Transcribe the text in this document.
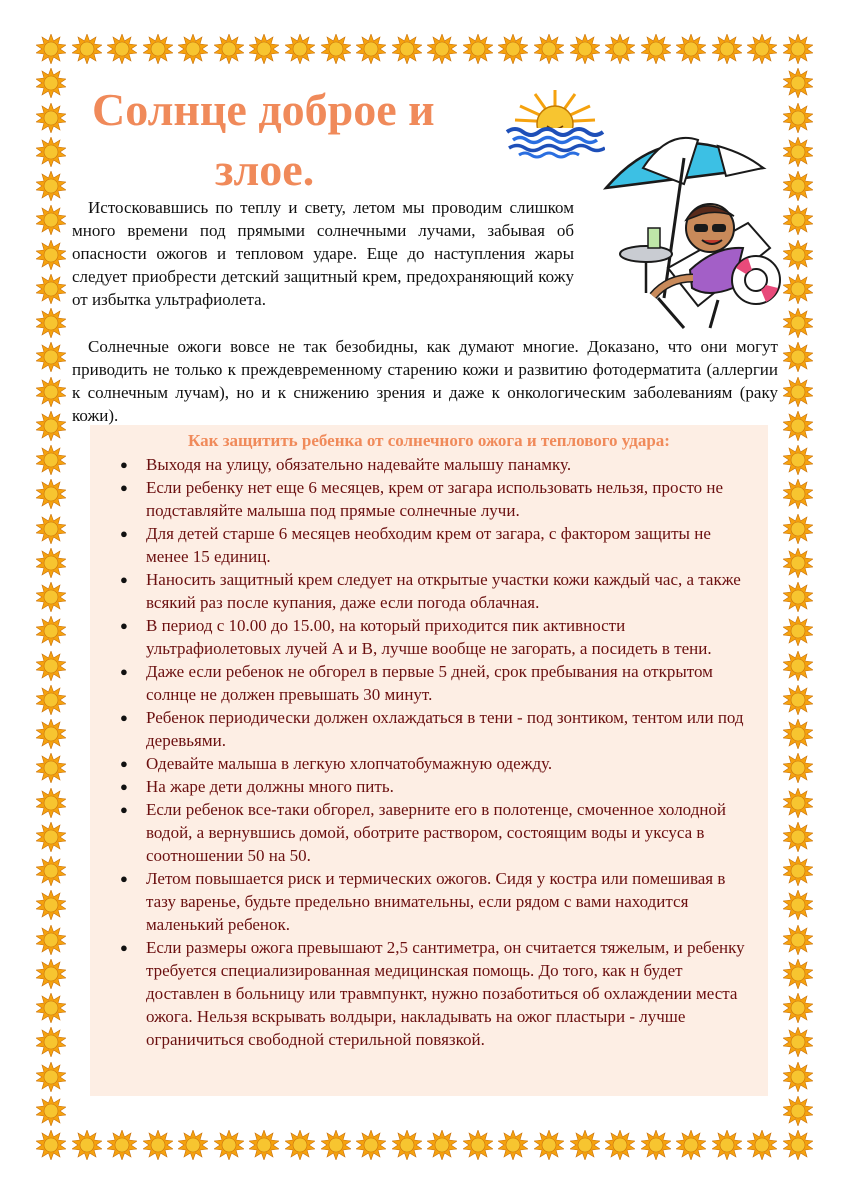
Солнце доброе и
злое.

Истосковавшись по теплу и свету, летом мы проводим слишком много времени под прямыми солнечными лучами, забывая об опасности ожогов и тепловом ударе. Еще до наступления жары следует приобрести детский защитный крем, предохраняющий кожу от избытка ультрафиолета.

Солнечные ожоги вовсе не так безобидны, как думают многие. Доказано, что они могут приводить не только к преждевременному старению кожи и развитию фотодерматита (аллергии к солнечным лучам), но и к снижению зрения и даже к онкологическим заболеваниям (раку кожи).

Как защитить ребенка от солнечного ожога и теплового удара:
● Выходя на улицу, обязательно надевайте малышу панамку.
● Если ребенку нет еще 6 месяцев, крем от загара использовать нельзя, просто не подставляйте малыша под прямые солнечные лучи.
● Для детей старше 6 месяцев необходим крем от загара, с фактором защиты не менее 15 единиц.
● Наносить защитный крем следует на открытые участки кожи каждый час, а также всякий раз после купания, даже если погода облачная.
● В период с 10.00 до 15.00, на который приходится пик активности ультрафиолетовых лучей А и В, лучше вообще не загорать, а посидеть в тени.
● Даже если ребенок не обгорел в первые 5 дней, срок пребывания на открытом солнце не должен превышать 30 минут.
● Ребенок периодически должен охлаждаться в тени - под зонтиком, тентом или под деревьями.
● Одевайте малыша в легкую хлопчатобумажную одежду.
● На жаре дети должны много пить.
● Если ребенок все-таки обгорел, заверните его в полотенце, смоченное холодной водой, а вернувшись домой, оботрите раствором, состоящим воды и уксуса в соотношении 50 на 50.
● Летом повышается риск и термических ожогов. Сидя у костра или помешивая в тазу варенье, будьте предельно внимательны, если рядом с вами находится маленький ребенок.
● Если размеры ожога превышают 2,5 сантиметра, он считается тяжелым, и ребенку требуется специализированная медицинская помощь. До того, как н будет доставлен в больницу или травмпункт, нужно позаботиться об охлаждении места ожога. Нельзя вскрывать волдыри, накладывать на ожог пластыри - лучше ограничиться свободной стерильной повязкой.
